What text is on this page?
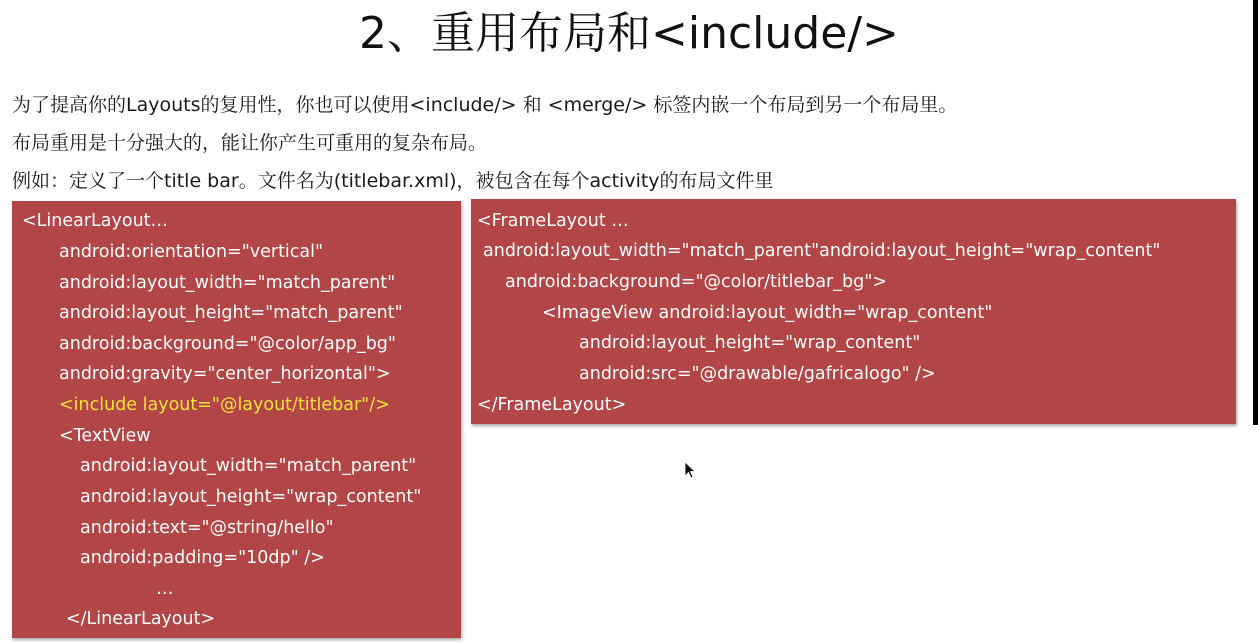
2、重用布局和<include/>
为了提高你的Layouts的复用性，你也可以使用<include/> 和 <merge/> 标签内嵌一个布局到另一个布局里。
布局重用是十分强大的，能让你产生可重用的复杂布局。
例如：定义了一个title bar。文件名为(titlebar.xml)，被包含在每个activity的布局文件里
<LinearLayout…
android:orientation="vertical"
android:layout_width="match_parent"
android:layout_height="match_parent"
android:background="@color/app_bg"
android:gravity="center_horizontal">
<include layout="@layout/titlebar"/>
<TextView
android:layout_width="match_parent"
android:layout_height="wrap_content"
android:text="@string/hello"
android:padding="10dp" />
…
</LinearLayout>
<FrameLayout …
android:layout_width="match_parent"android:layout_height="wrap_content"
android:background="@color/titlebar_bg">
<ImageView android:layout_width="wrap_content"
android:layout_height="wrap_content"
android:src="@drawable/gafricalogo" />
</FrameLayout>
